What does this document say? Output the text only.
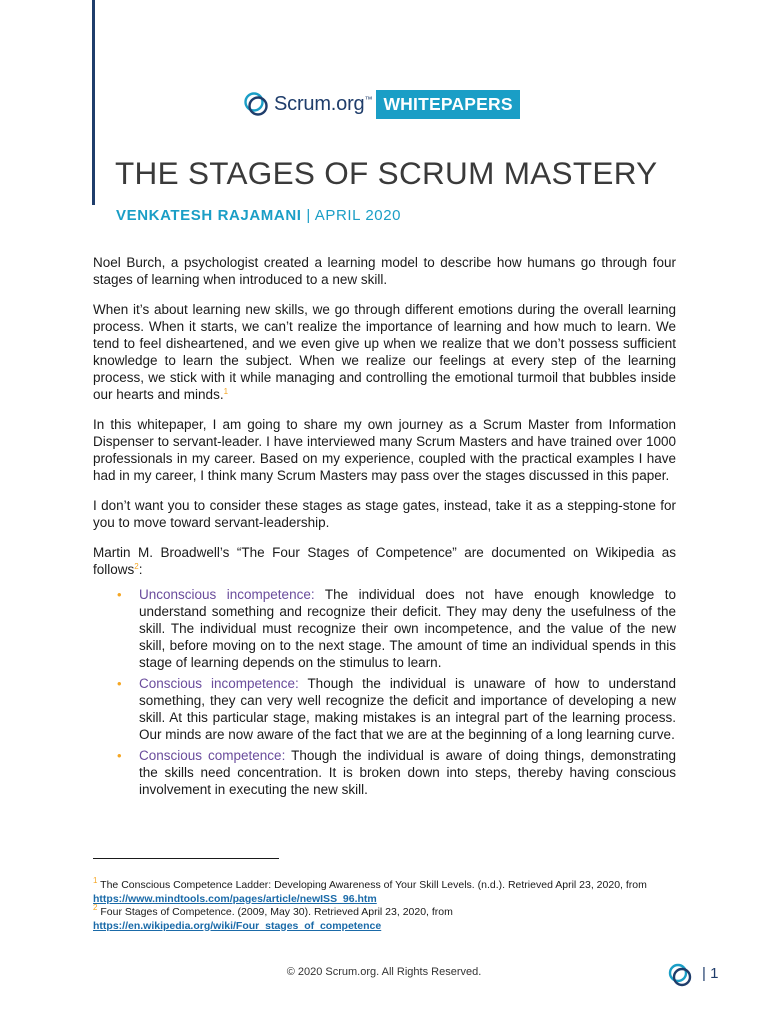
Scrum.org ™ WHITEPAPERS
THE STAGES OF SCRUM MASTERY
VENKATESH RAJAMANI | APRIL 2020

Noel Burch, a psychologist created a learning model to describe how humans go through four stages of learning when introduced to a new skill.

When it’s about learning new skills, we go through different emotions during the overall learning process. When it starts, we can’t realize the importance of learning and how much to learn. We tend to feel disheartened, and we even give up when we realize that we don’t possess sufficient knowledge to learn the subject. When we realize our feelings at every step of the learning process, we stick with it while managing and controlling the emotional turmoil that bubbles inside our hearts and minds.$^1$

In this whitepaper, I am going to share my own journey as a Scrum Master from Information Dispenser to servant-leader. I have interviewed many Scrum Masters and have trained over 1000 professionals in my career. Based on my experience, coupled with the practical examples I have had in my career, I think many Scrum Masters may pass over the stages discussed in this paper.

I don’t want you to consider these stages as stage gates, instead, take it as a stepping-stone for you to move toward servant-leadership.

Martin M. Broadwell’s “The Four Stages of Competence” are documented on Wikipedia as follows$^2$:

• Unconscious incompetence: The individual does not have enough knowledge to understand something and recognize their deficit. They may deny the usefulness of the skill. The individual must recognize their own incompetence, and the value of the new skill, before moving on to the next stage. The amount of time an individual spends in this stage of learning depends on the stimulus to learn.
• Conscious incompetence: Though the individual is unaware of how to understand something, they can very well recognize the deficit and importance of developing a new skill. At this particular stage, making mistakes is an integral part of the learning process. Our minds are now aware of the fact that we are at the beginning of a long learning curve.
• Conscious competence: Though the individual is aware of doing things, demonstrating the skills need concentration. It is broken down into steps, thereby having conscious involvement in executing the new skill.

$^1$ The Conscious Competence Ladder: Developing Awareness of Your Skill Levels. (n.d.). Retrieved April 23, 2020, from https://www.mindtools.com/pages/article/newISS_96.htm

$^2$ Four Stages of Competence. (2009, May 30). Retrieved April 23, 2020, from
https://en.wikipedia.org/wiki/Four_stages_of_competence

© 2020 Scrum.org. All Rights Reserved.	| 1
